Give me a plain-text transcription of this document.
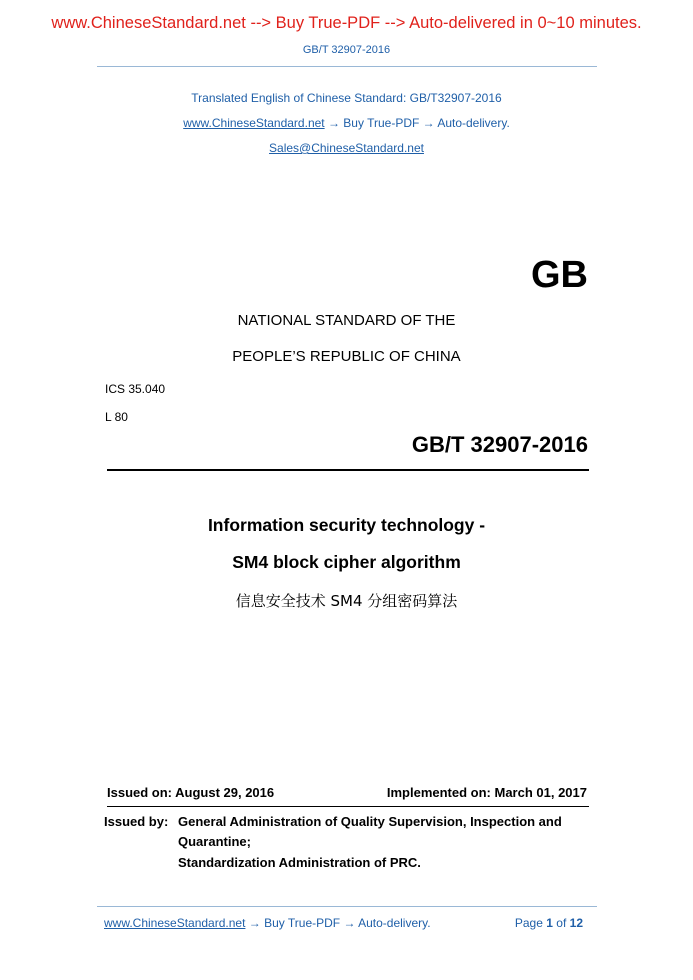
www.ChineseStandard.net --> Buy True-PDF --> Auto-delivered in 0~10 minutes.
GB/T 32907-2016
Translated English of Chinese Standard: GB/T32907-2016
www.ChineseStandard.net → Buy True-PDF → Auto-delivery.
Sales@ChineseStandard.net
GB
NATIONAL STANDARD OF THE
PEOPLE’S REPUBLIC OF CHINA
ICS 35.040
L 80
GB/T 32907-2016
Information security technology -
SM4 block cipher algorithm
信息安全技术 SM4 分组密码算法
Issued on: August 29, 2016	Implemented on: March 01, 2017
Issued by: General Administration of Quality Supervision, Inspection and Quarantine;
Standardization Administration of PRC.
www.ChineseStandard.net → Buy True-PDF → Auto-delivery.	Page 1 of 12
